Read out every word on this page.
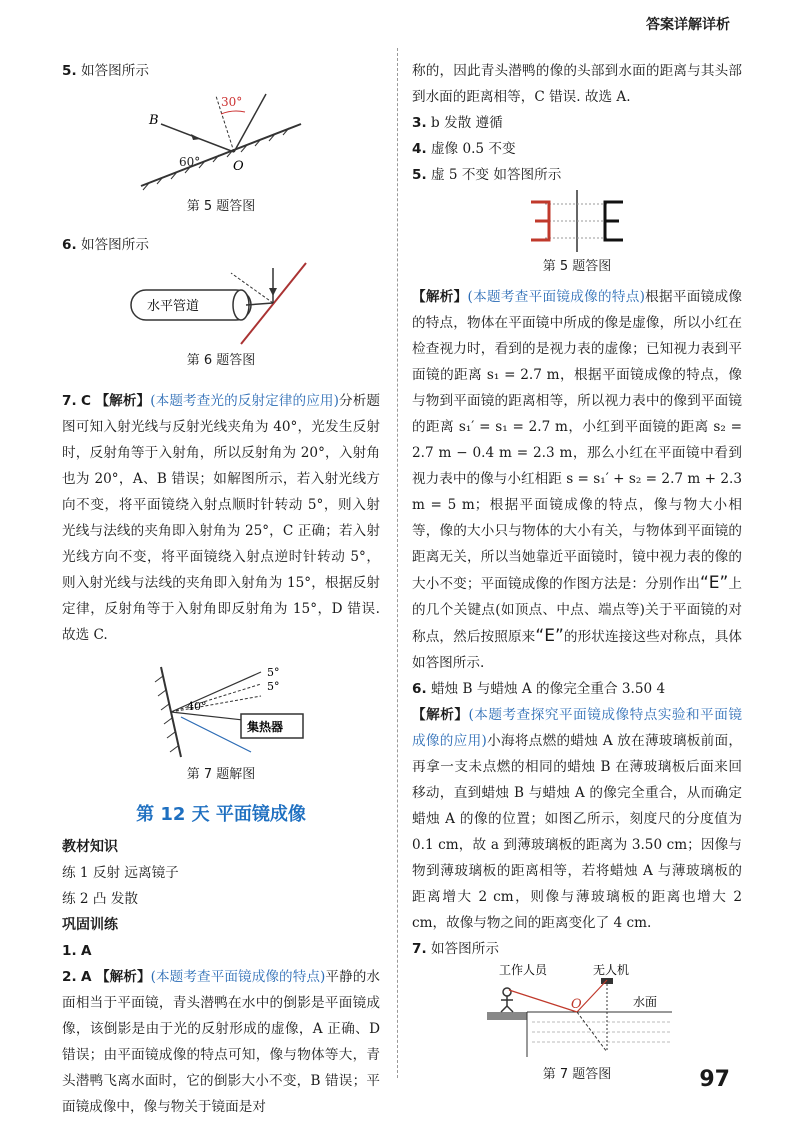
答案详解详析

5. 如答图所示

30°
60°
B
O
第 5 题答图

6. 如答图所示

水平管道
第 6 题答图

7. C 【解析】(本题考查光的反射定律的应用)分析题图可知入射光线与反射光线夹角为 40°，光发生反射时，反射角等于入射角，所以反射角为 20°，入射角也为 20°，A、B 错误；如解图所示，若入射光线方向不变，将平面镜绕入射点顺时针转动 5°，则入射光线与法线的夹角即入射角为 25°，C 正确；若入射光线方向不变，将平面镜绕入射点逆时针转动 5°，则入射光线与法线的夹角即入射角为 15°，根据反射定律，反射角等于入射角即反射角为 15°，D 错误. 故选 C.

集热器
5°
5°
40°
第 7 题解图
第 12 天 平面镜成像
教材知识
练 1 反射 远离镜子
练 2 凸 发散
巩固训练
1. A

2. A 【解析】(本题考查平面镜成像的特点)平静的水面相当于平面镜，青头潜鸭在水中的倒影是平面镜成像，该倒影是由于光的反射形成的虚像，A 正确、D 错误；由平面镜成像的特点可知，像与物体等大，青头潜鸭飞离水面时，它的倒影大小不变，B 错误；平面镜成像中，像与物关于镜面是对

称的，因此青头潜鸭的像的头部到水面的距离与其头部到水面的距离相等，C 错误. 故选 A.

3. b 发散 遵循
4. 虚像 0.5 不变
5. 虚 5 不变 如答图所示
第 5 题答图

【解析】(本题考查平面镜成像的特点)根据平面镜成像的特点，物体在平面镜中所成的像是虚像，所以小红在检查视力时，看到的是视力表的虚像；已知视力表到平面镜的距离 s₁ = 2.7 m，根据平面镜成像的特点，像与物到平面镜的距离相等，所以视力表中的像到平面镜的距离 s₁′ = s₁ = 2.7 m，小红到平面镜的距离 s₂ = 2.7 m − 0.4 m = 2.3 m，那么小红在平面镜中看到视力表中的像与小红相距 s = s₁′ + s₂ = 2.7 m + 2.3 m = 5 m；根据平面镜成像的特点，像与物大小相等，像的大小只与物体的大小有关，与物体到平面镜的距离无关，所以当她靠近平面镜时，镜中视力表的像的大小不变；平面镜成像的作图方法是：分别作出“E”上的几个关键点(如顶点、中点、端点等)关于平面镜的对称点，然后按照原来“E”的形状连接这些对称点，具体如答图所示.

6. 蜡烛 B 与蜡烛 A 的像完全重合 3.50 4

【解析】(本题考查探究平面镜成像特点实验和平面镜成像的应用)小海将点燃的蜡烛 A 放在薄玻璃板前面，再拿一支未点燃的相同的蜡烛 B 在薄玻璃板后面来回移动，直到蜡烛 B 与蜡烛 A 的像完全重合，从而确定蜡烛 A 的像的位置；如图乙所示，刻度尺的分度值为 0.1 cm，故 a 到薄玻璃板的距离为 3.50 cm；因像与物到薄玻璃板的距离相等，若将蜡烛 A 与薄玻璃板的距离增大 2 cm，则像与薄玻璃板的距离也增大 2 cm，故像与物之间的距离变化了 4 cm.

7. 如答图所示
工作人员	无人机
O	水面
第 7 题答图	97
